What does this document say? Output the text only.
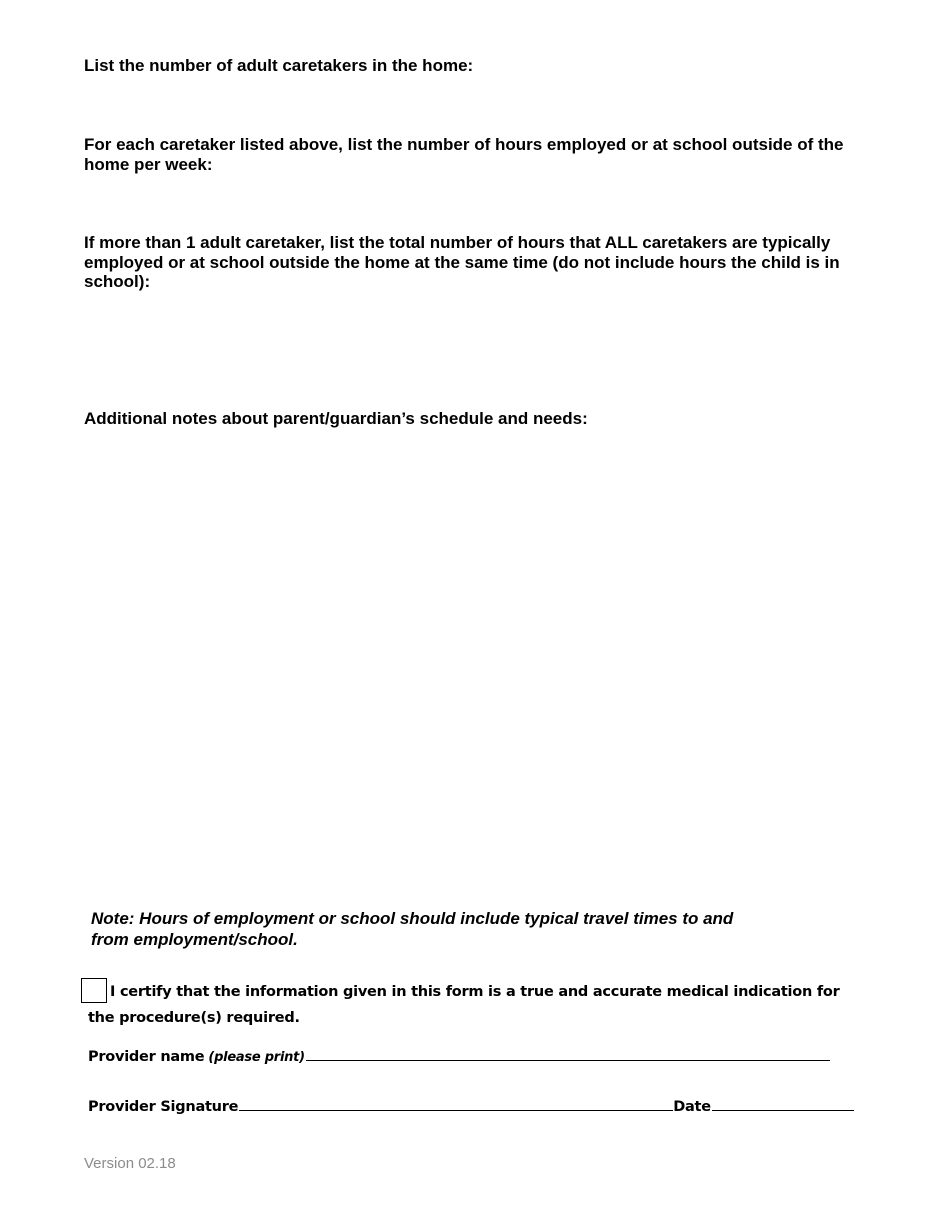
List the number of adult caretakers in the home:

For each caretaker listed above, list the number of hours employed or at school outside of the home per week:

If more than 1 adult caretaker, list the total number of hours that ALL caretakers are typically employed or at school outside the home at the same time (do not include hours the child is in school):

Additional notes about parent/guardian’s schedule and needs:

Note: Hours of employment or school should include typical travel times to and from employment/school.

I certify that the information given in this form is a true and accurate medical indication for the procedure(s) required.

Provider name (please print)
Provider Signature	Date
Version 02.18
